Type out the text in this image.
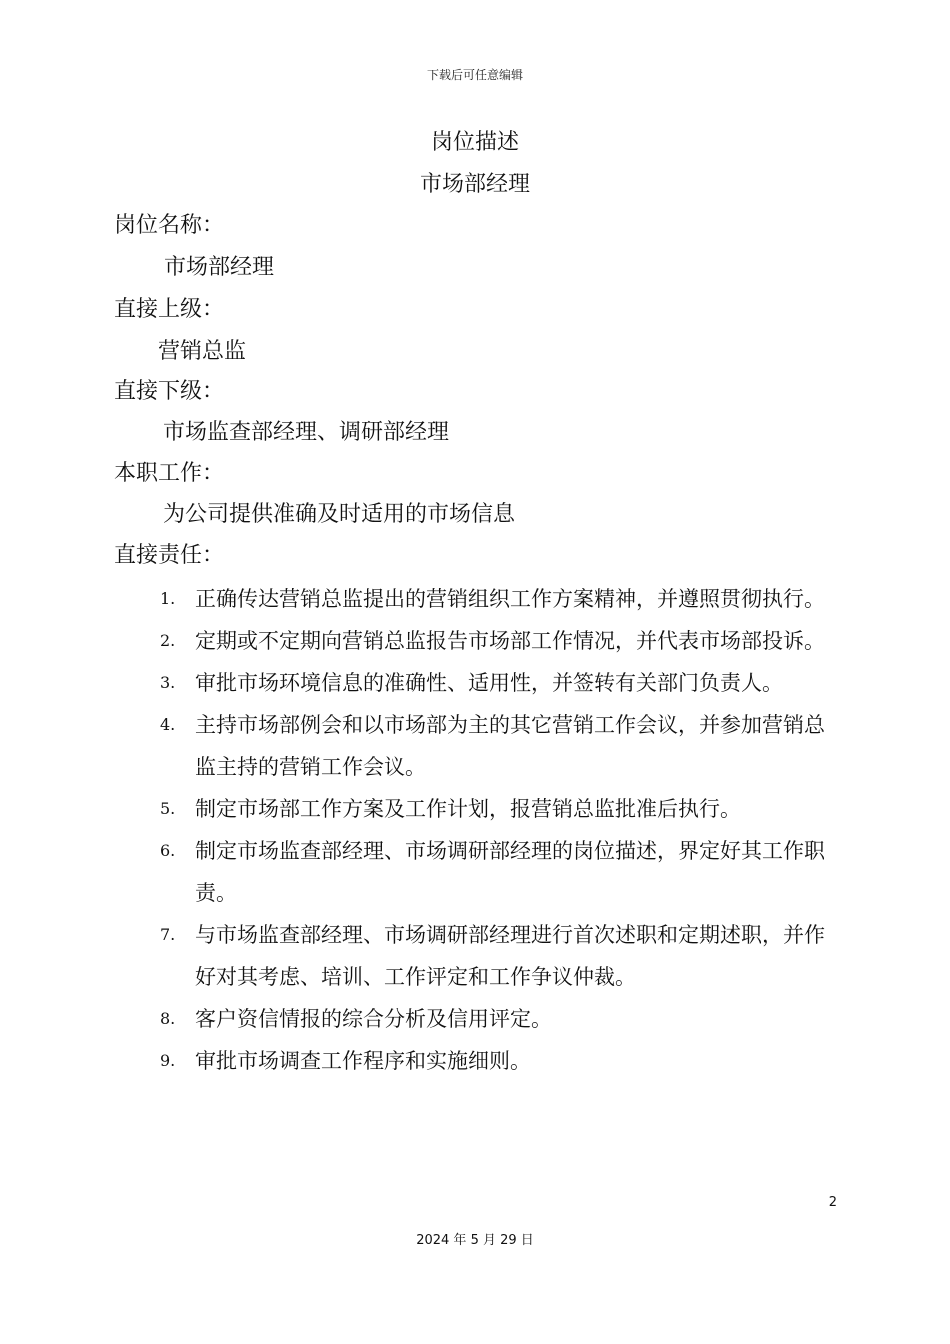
下载后可任意编辑
岗位描述
市场部经理
岗位名称：
市场部经理
直接上级：
营销总监
直接下级：
市场监查部经理、调研部经理
本职工作：
为公司提供准确及时适用的市场信息
直接责任：
1. 正确传达营销总监提出的营销组织工作方案精神，并遵照贯彻执行。
2. 定期或不定期向营销总监报告市场部工作情况，并代表市场部投诉。
3. 审批市场环境信息的准确性、适用性，并签转有关部门负责人。
4. 主持市场部例会和以市场部为主的其它营销工作会议，并参加营销总监主持的营销工作会议。
5. 制定市场部工作方案及工作计划，报营销总监批准后执行。
6. 制定市场监查部经理、市场调研部经理的岗位描述，界定好其工作职责。
7. 与市场监查部经理、市场调研部经理进行首次述职和定期述职，并作好对其考虑、培训、工作评定和工作争议仲裁。
8. 客户资信情报的综合分析及信用评定。
9. 审批市场调查工作程序和实施细则。
2
2024 年 5 月 29 日
